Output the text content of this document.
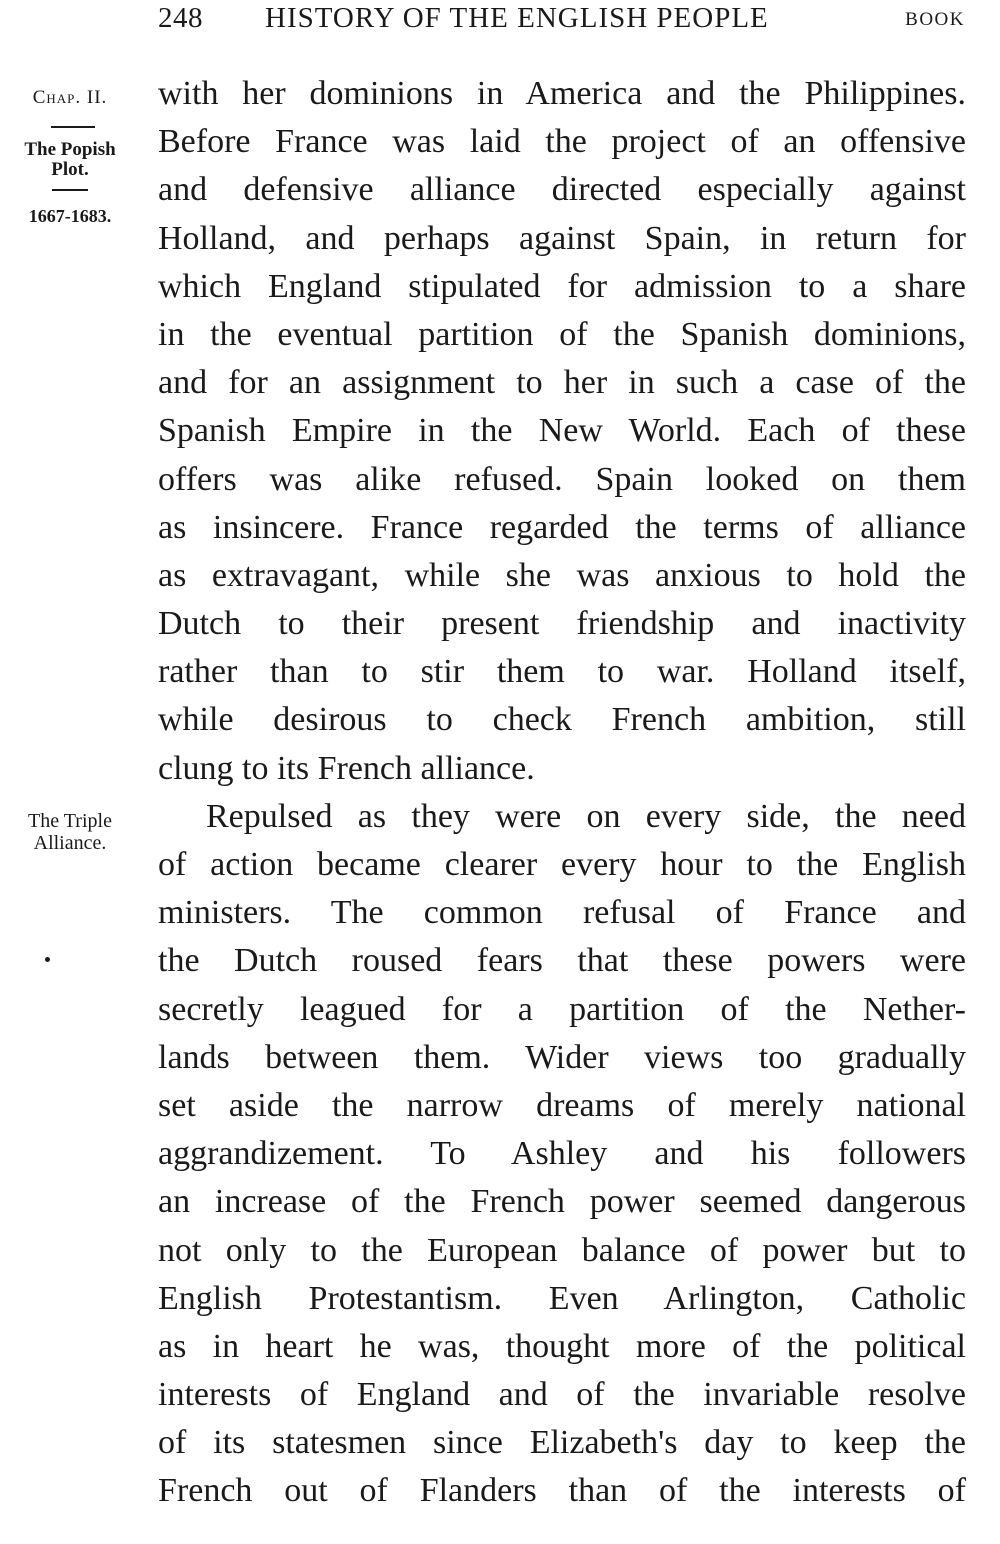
248 HISTORY OF THE ENGLISH PEOPLE	BOOK
Chap. II.
The Popish
Plot.
1667-1683.
The Triple
Alliance.
with her dominions in America and the Philippines.
Before France was laid the project of an offensive
and defensive alliance directed especially against
Holland, and perhaps against Spain, in return for
which England stipulated for admission to a share
in the eventual partition of the Spanish dominions,
and for an assignment to her in such a case of the
Spanish Empire in the New World. Each of these
offers was alike refused. Spain looked on them
as insincere. France regarded the terms of alliance
as extravagant, while she was anxious to hold the
Dutch to their present friendship and inactivity
rather than to stir them to war. Holland itself,
while desirous to check French ambition, still
clung to its French alliance.
Repulsed as they were on every side, the need
of action became clearer every hour to the English
ministers. The common refusal of France and
the Dutch roused fears that these powers were
secretly leagued for a partition of the Nether-
lands between them. Wider views too gradually
set aside the narrow dreams of merely national
aggrandizement. To Ashley and his followers
an increase of the French power seemed dangerous
not only to the European balance of power but to
English Protestantism. Even Arlington, Catholic
as in heart he was, thought more of the political
interests of England and of the invariable resolve
of its statesmen since Elizabeth's day to keep the
French out of Flanders than of the interests of
